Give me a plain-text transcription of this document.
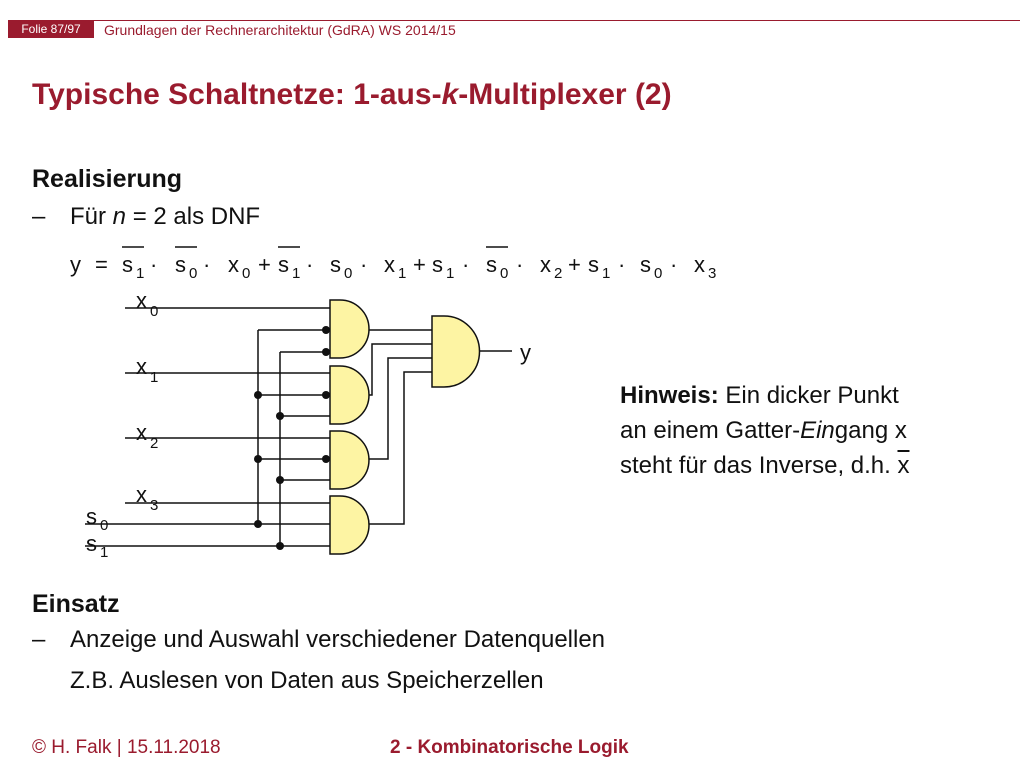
Folie 87/97	Grundlagen der Rechnerarchitektur (GdRA) WS 2014/15
Typische Schaltnetze: 1-aus-k-Multiplexer (2)
Realisierung
– Für n = 2 als DNF
y = s 1 · s 0 · x 0 + s 1 · s 0 · x 1 + s 1 · s 0 · x 2 + s 1 · s 0 · x 3
x 0
x 1
x 2
x 3
s 0
s 1
y
Hinweis: Ein dicker Punkt
an einem Gatter-Eingang x
steht für das Inverse, d.h. $\overline{x}$
Einsatz
– Anzeige und Auswahl verschiedener Datenquellen
Z.B. Auslesen von Daten aus Speicherzellen
© H. Falk | 15.11.2018	2 - Kombinatorische Logik
